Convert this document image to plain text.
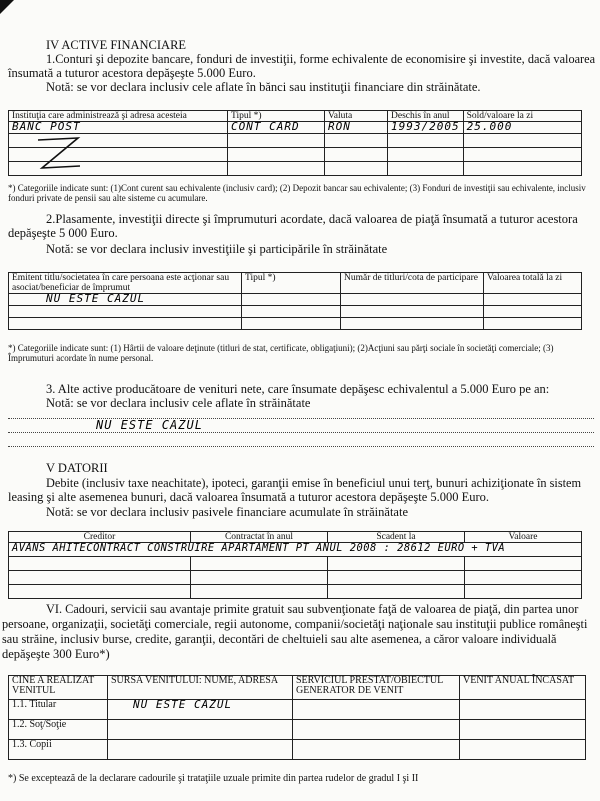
IV ACTIVE FINANCIARE
1.Conturi şi depozite bancare, fonduri de investiţii, forme echivalente de economisire şi investite, dacă valoarea
însumată a tuturor acestora depăşeşte 5.000 Euro.
Notă: se vor declara inclusiv cele aflate în bănci sau instituţii financiare din străinătate.
Instituţia care administrează şi adresa acesteia	Tipul *)	Valuta	Deschis în anul	Sold/valoare la zi
BANC POST	CONT CARD	RON	1993/2005	25.000

*) Categoriile indicate sunt: (1)Cont curent sau echivalente (inclusiv card); (2) Depozit bancar sau echivalente; (3) Fonduri de investiţii sau echivalente, inclusiv fonduri private de pensii sau alte sisteme cu acumulare.
2.Plasamente, investiţii directe şi împrumuturi acordate, dacă valoarea de piaţă însumată a tuturor acestora
depăşeşte 5 000 Euro.
Notă: se vor declara inclusiv investiţiile şi participările în străinătate
Emitent titlu/societatea în care persoana este acţionar sau asociat/beneficiar de împrumut	Tipul *)	Număr de titluri/cota de participare	Valoarea totală la zi
NU ESTE CAZUL			

*) Categoriile indicate sunt: (1) Hârtii de valoare deţinute (titluri de stat, certificate, obligaţiuni); (2)Acţiuni sau părţi sociale în societăţi comerciale; (3) Împrumuturi acordate în nume personal.
3. Alte active producătoare de venituri nete, care însumate depăşesc echivalentul a 5.000 Euro pe an:
Notă: se vor declara inclusiv cele aflate în străinătate
NU ESTE CAZUL
V DATORII
Debite (inclusiv taxe neachitate), ipoteci, garanţii emise în beneficiul unui terţ, bunuri achiziţionate în sistem
leasing şi alte asemenea bunuri, dacă valoarea însumată a tuturor acestora depăşeşte 5.000 Euro.
Notă: se vor declara inclusiv pasivele financiare acumulate în străinătate
Creditor	Contractat în anul	Scadent la	Valoare
AVANS AHITECONTRACT CONSTRUIRE APARTAMENT PT ANUL 2008 : 28612 EURO + TVA			

VI. Cadouri, servicii sau avantaje primite gratuit sau subvenţionate faţă de valoarea de piaţă, din partea unor
persoane, organizaţii, societăţi comerciale, regii autonome, companii/societăţi naţionale sau instituţii publice româneşti
sau străine, inclusiv burse, credite, garanţii, decontări de cheltuieli sau alte asemenea, a căror valoare individuală
depăşeşte 300 Euro*)
CINE A REALIZAT VENITUL	SURSA VENITULUI: NUME, ADRESA	SERVICIUL PRESTAT/OBIECTUL GENERATOR DE VENIT	VENIT ANUAL ÎNCASAT
1.1. Titular	NU ESTE CAZUL		
1.2. Soţ/Soţie			
1.3. Copii			
*) Se exceptează de la declarare cadourile şi trataţiile uzuale primite din partea rudelor de gradul I şi II
